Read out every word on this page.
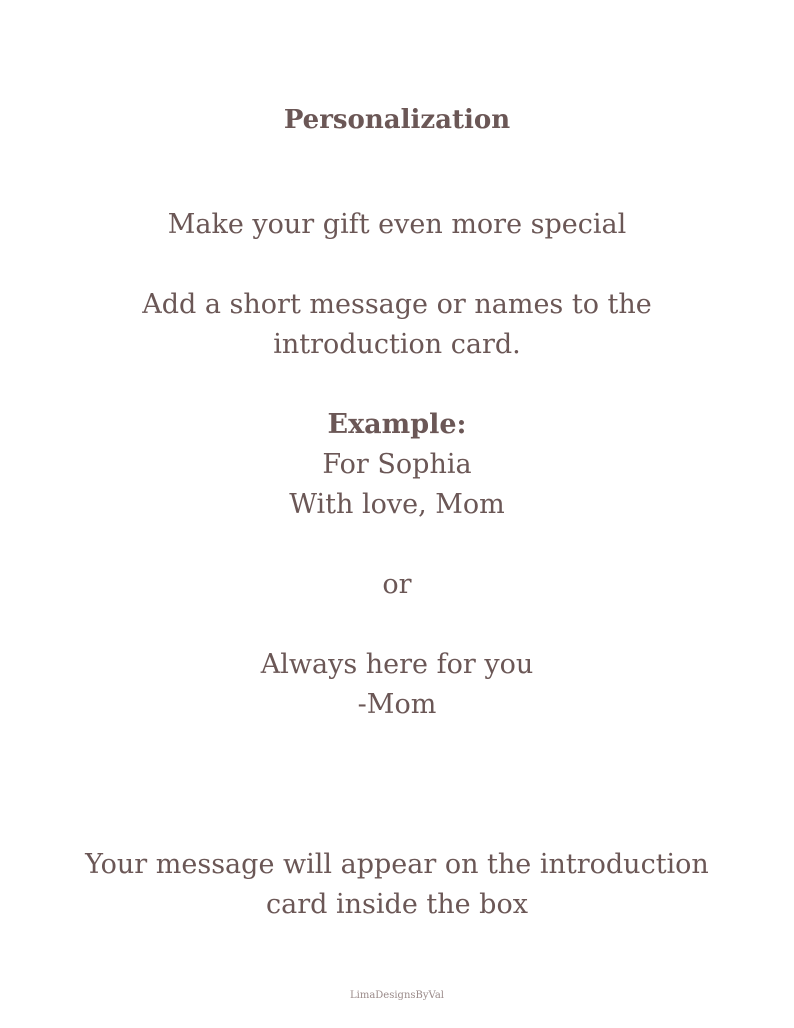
Personalization
Make your gift even more special
Add a short message or names to the
introduction card.
Example:
For Sophia
With love, Mom
or
Always here for you
-Mom
Your message will appear on the introduction
card inside the box
LimaDesignsByVal
